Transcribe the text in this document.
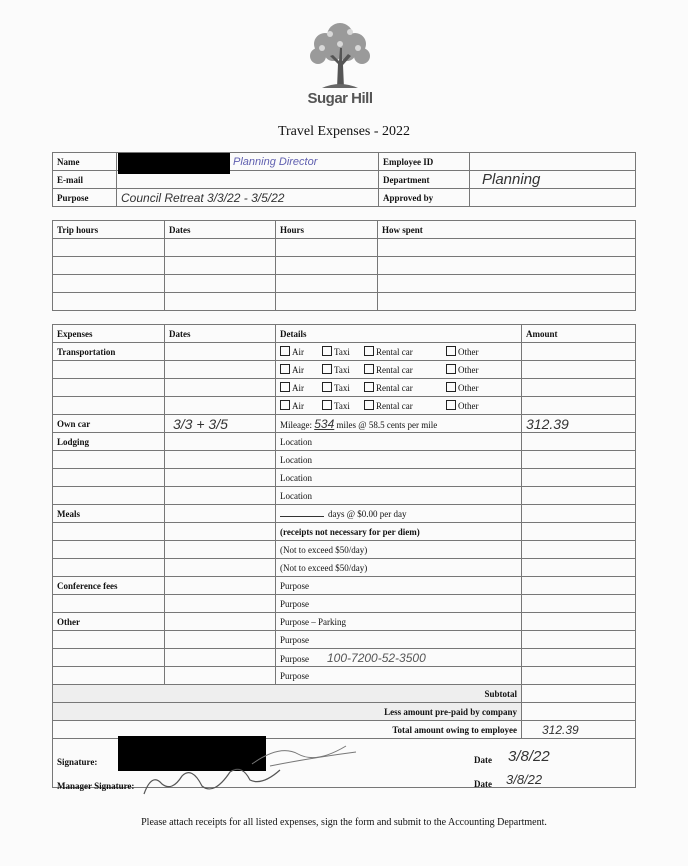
Sugar Hill
Travel Expenses - 2022
Name	Planning Director	Employee ID	
E-mail		Department	Planning
Purpose	Council Retreat 3/3/22 - 3/5/22	Approved by	
Trip hours	Dates	Hours	How spent

Expenses	Dates	Details	Amount
Transportation		Air Taxi Rental car Other	
		Air Taxi Rental car Other	
		Air Taxi Rental car Other	
		Air Taxi Rental car Other	
Own car	3/3 + 3/5	Mileage: 534 miles @ 58.5 cents per mile	312.39
Lodging		Location	
		Location	
		Location	
		Location	
Meals		days @ $0.00 per day	
		(receipts not necessary for per diem)	
		(Not to exceed $50/day)	
		(Not to exceed $50/day)	
Conference fees		Purpose	
		Purpose	
Other		Purpose – Parking	
		Purpose	
		Purpose 100-7200-52-3500	
		Purpose	
Subtotal			
Less amount pre-paid by company			
Total amount owing to employee			312.39

Signature:
Manager Signature:
Date 3/8/22
Date 3/8/22
Please attach receipts for all listed expenses, sign the form and submit to the Accounting Department.
